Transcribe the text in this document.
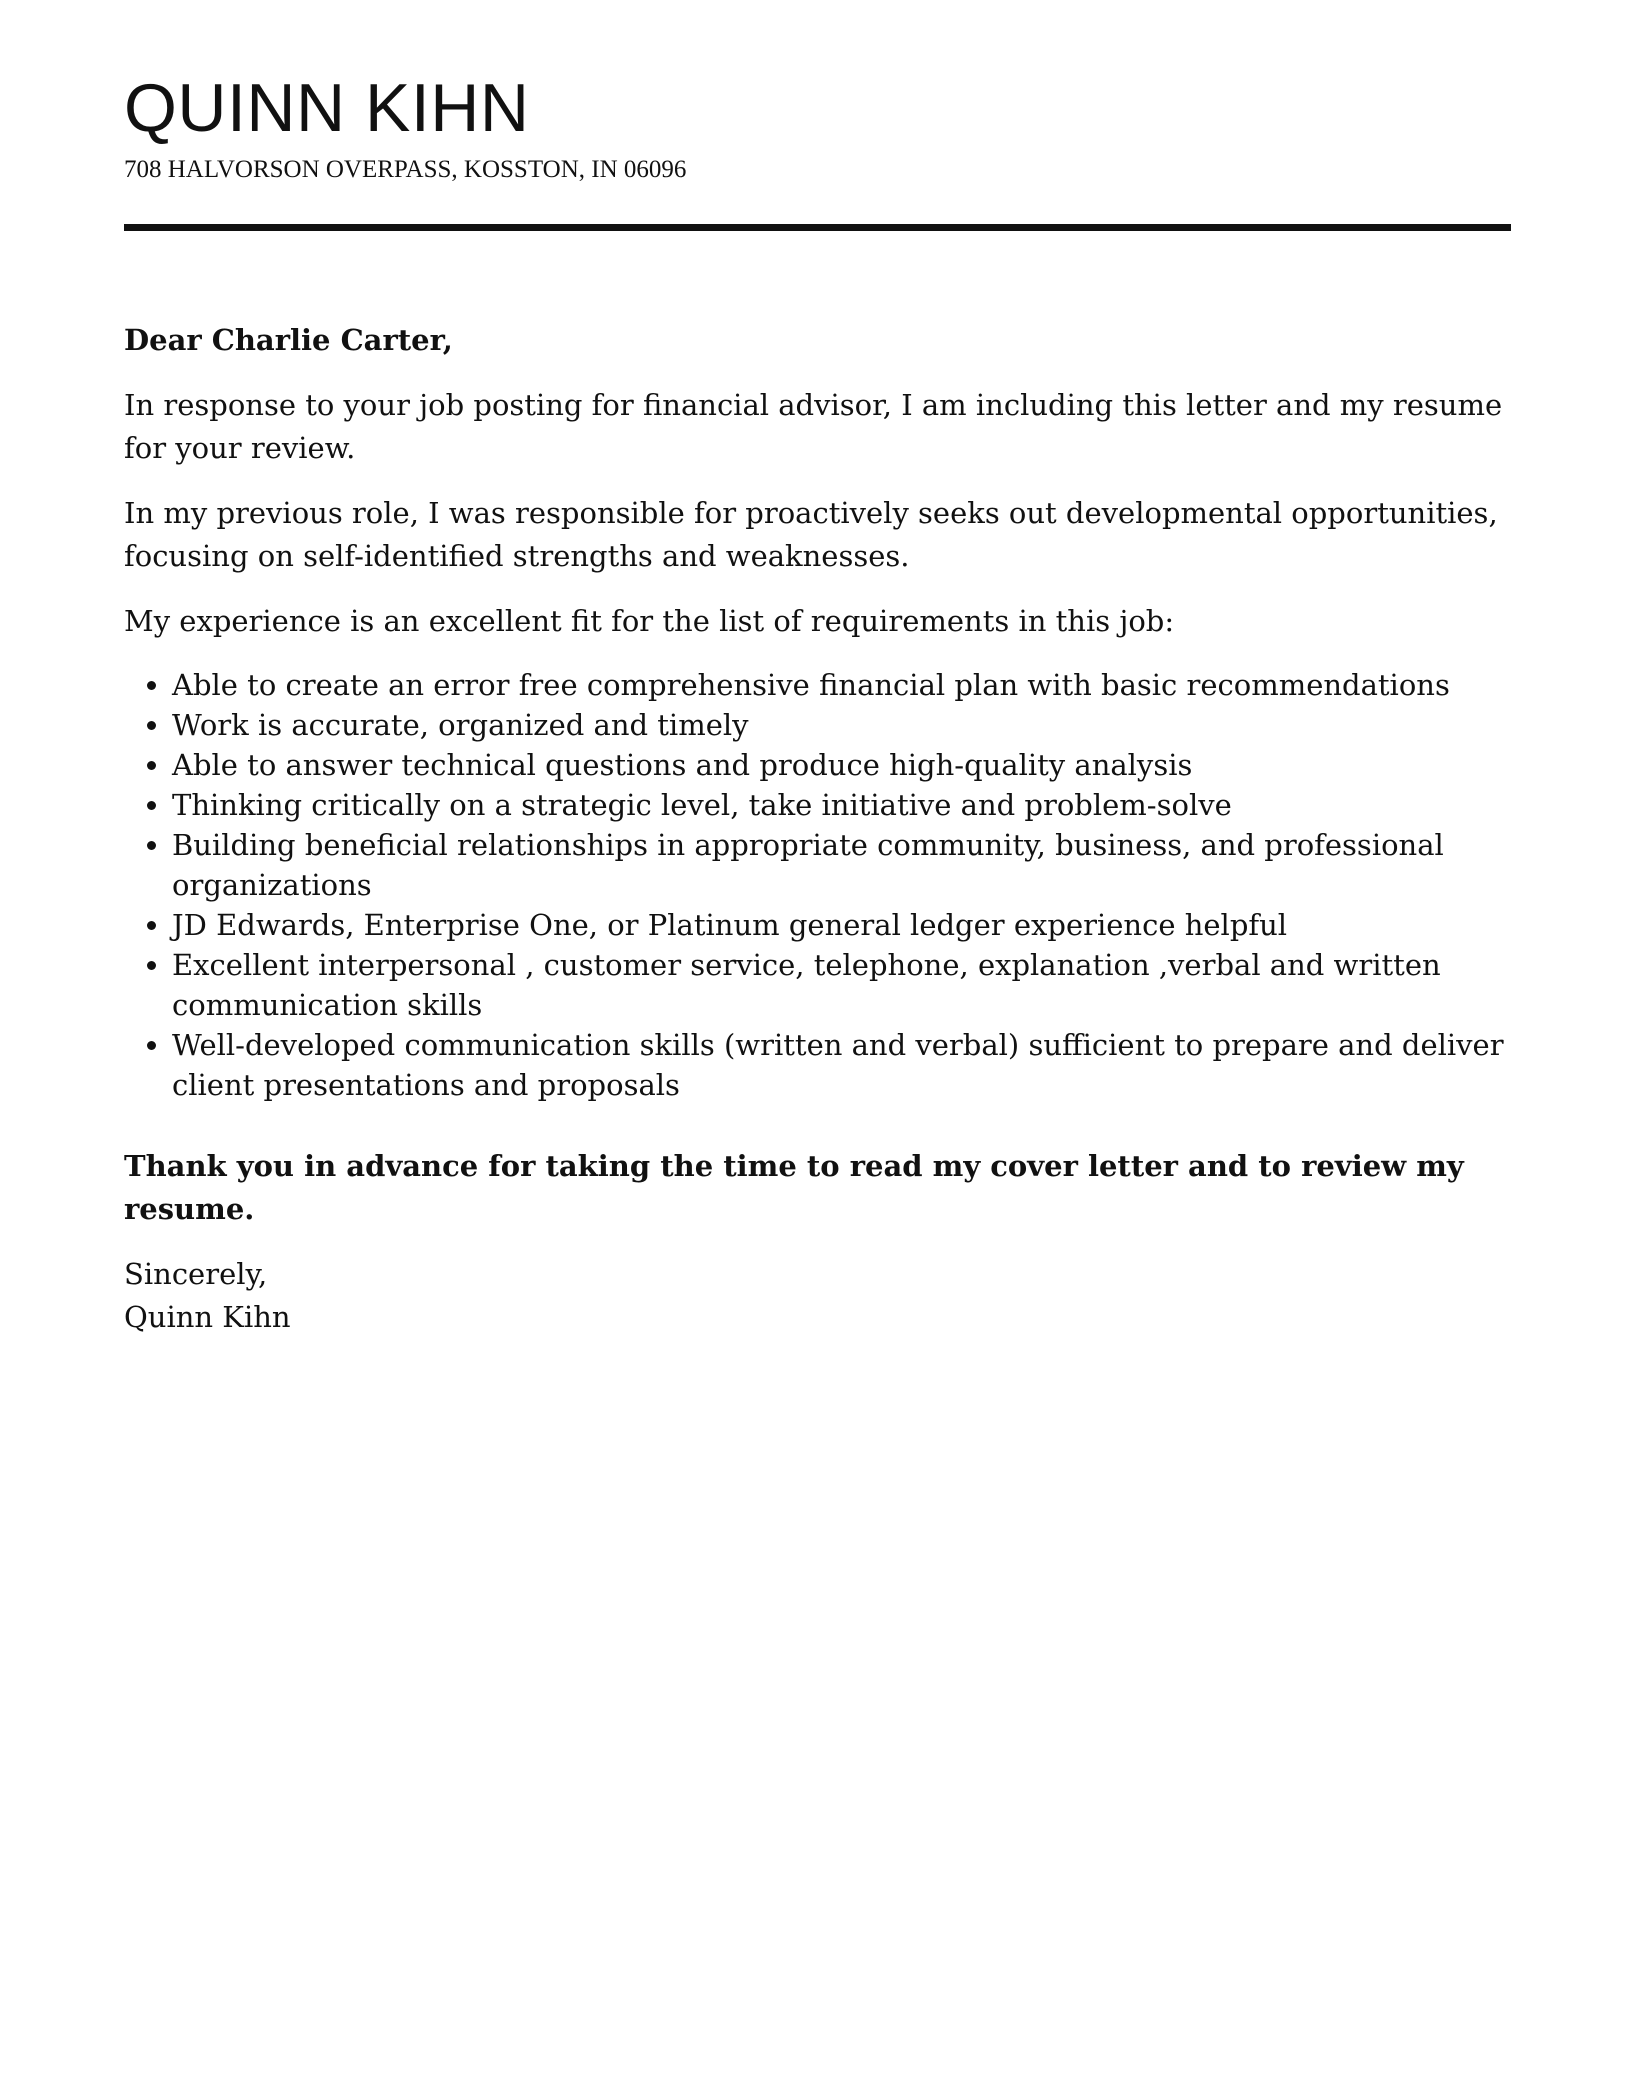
QUINN KIHN

708 HALVORSON OVERPASS, KOSSTON, IN 06096

Dear Charlie Carter,

In response to your job posting for financial advisor, I am including this letter and my resume for your review.

In my previous role, I was responsible for proactively seeks out developmental opportunities, focusing on self-identified strengths and weaknesses.

My experience is an excellent fit for the list of requirements in this job:

• Able to create an error free comprehensive financial plan with basic recommendations
• Work is accurate, organized and timely
• Able to answer technical questions and produce high-quality analysis
• Thinking critically on a strategic level, take initiative and problem-solve
• Building beneficial relationships in appropriate community, business, and professional organizations
• JD Edwards, Enterprise One, or Platinum general ledger experience helpful
• Excellent interpersonal , customer service, telephone, explanation ,verbal and written communication skills
• Well-developed communication skills (written and verbal) sufficient to prepare and deliver client presentations and proposals

Thank you in advance for taking the time to read my cover letter and to review my resume.

Sincerely,

Quinn Kihn
